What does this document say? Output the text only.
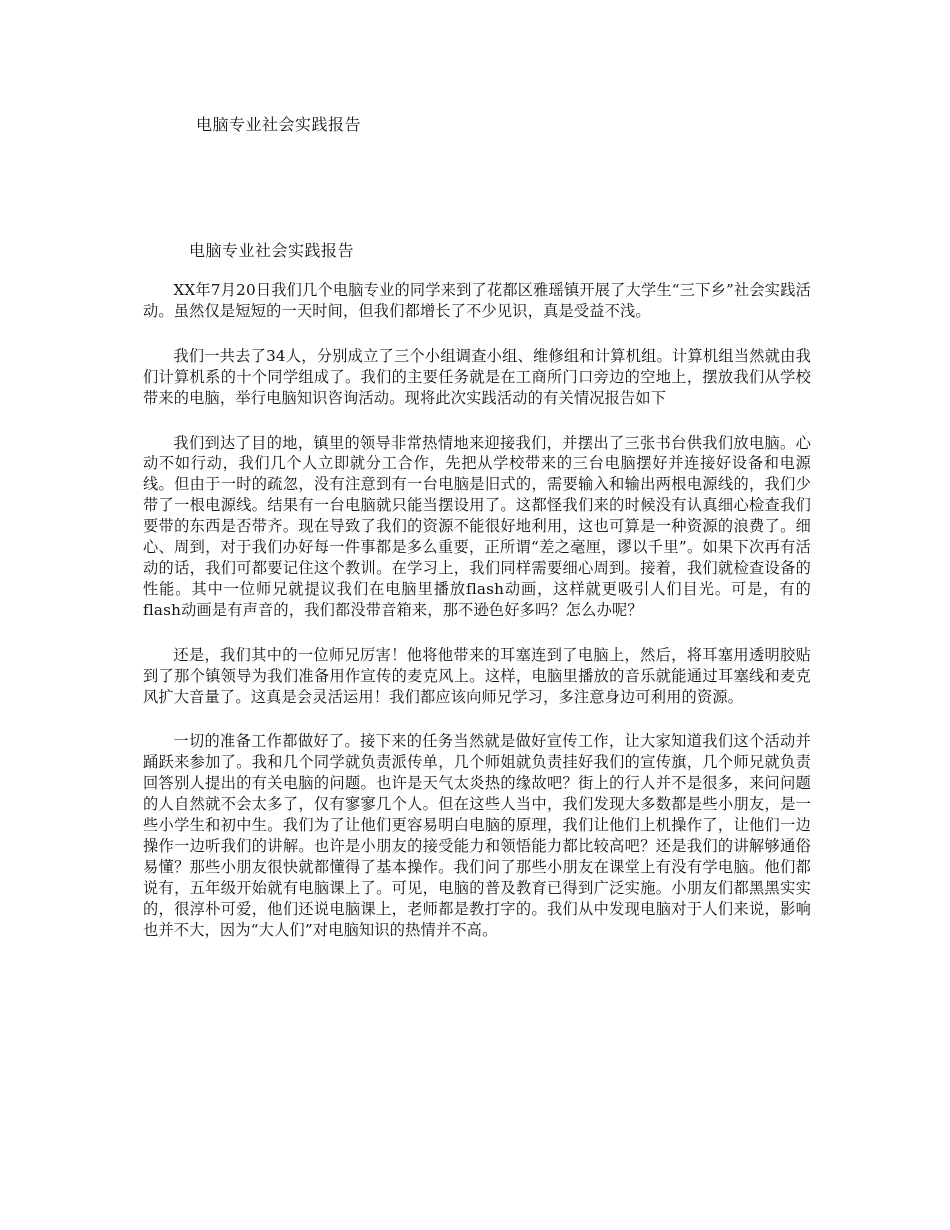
电脑专业社会实践报告
电脑专业社会实践报告

XX年7月20日我们几个电脑专业的同学来到了花都区雅瑶镇开展了大学生“三下乡”社会实践活动。虽然仅是短短的一天时间，但我们都增长了不少见识，真是受益不浅。

我们一共去了34人，分别成立了三个小组调查小组、维修组和计算机组。计算机组当然就由我们计算机系的十个同学组成了。我们的主要任务就是在工商所门口旁边的空地上，摆放我们从学校带来的电脑，举行电脑知识咨询活动。现将此次实践活动的有关情况报告如下

我们到达了目的地，镇里的领导非常热情地来迎接我们，并摆出了三张书台供我们放电脑。心动不如行动，我们几个人立即就分工合作，先把从学校带来的三台电脑摆好并连接好设备和电源线。但由于一时的疏忽，没有注意到有一台电脑是旧式的，需要输入和输出两根电源线的，我们少带了一根电源线。结果有一台电脑就只能当摆设用了。这都怪我们来的时候没有认真细心检查我们要带的东西是否带齐。现在导致了我们的资源不能很好地利用，这也可算是一种资源的浪费了。细心、周到，对于我们办好每一件事都是多么重要，正所谓“差之毫厘，谬以千里”。如果下次再有活动的话，我们可都要记住这个教训。在学习上，我们同样需要细心周到。接着，我们就检查设备的性能。其中一位师兄就提议我们在电脑里播放flash动画，这样就更吸引人们目光。可是，有的flash动画是有声音的，我们都没带音箱来，那不逊色好多吗？怎么办呢？

还是，我们其中的一位师兄厉害！他将他带来的耳塞连到了电脑上，然后，将耳塞用透明胶贴到了那个镇领导为我们准备用作宣传的麦克风上。这样，电脑里播放的音乐就能通过耳塞线和麦克风扩大音量了。这真是会灵活运用！我们都应该向师兄学习，多注意身边可利用的资源。

一切的准备工作都做好了。接下来的任务当然就是做好宣传工作，让大家知道我们这个活动并踊跃来参加了。我和几个同学就负责派传单，几个师姐就负责挂好我们的宣传旗，几个师兄就负责回答别人提出的有关电脑的问题。也许是天气太炎热的缘故吧？街上的行人并不是很多，来问问题的人自然就不会太多了，仅有寥寥几个人。但在这些人当中，我们发现大多数都是些小朋友，是一些小学生和初中生。我们为了让他们更容易明白电脑的原理，我们让他们上机操作了，让他们一边操作一边听我们的讲解。也许是小朋友的接受能力和领悟能力都比较高吧？还是我们的讲解够通俗易懂？那些小朋友很快就都懂得了基本操作。我们问了那些小朋友在课堂上有没有学电脑。他们都说有，五年级开始就有电脑课上了。可见，电脑的普及教育已得到广泛实施。小朋友们都黑黑实实的，很淳朴可爱，他们还说电脑课上，老师都是教打字的。我们从中发现电脑对于人们来说，影响也并不大，因为“大人们”对电脑知识的热情并不高。
